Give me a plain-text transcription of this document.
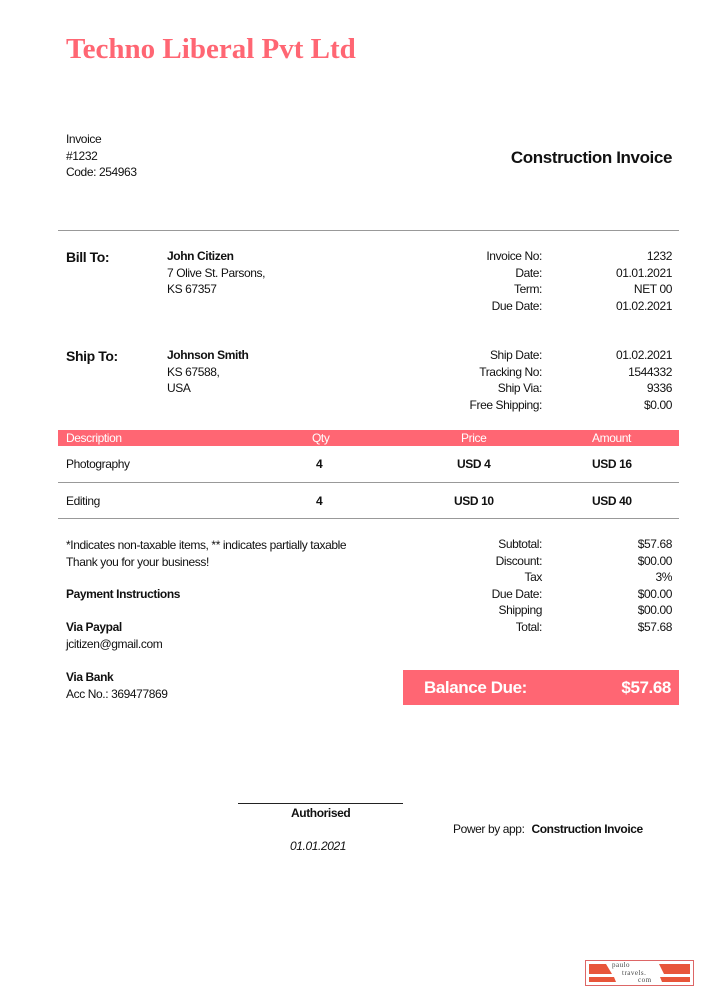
Techno Liberal Pvt Ltd
Invoice
#1232
Code: 254963
Construction Invoice
Bill To:	John Citizen
7 Olive St. Parsons,
KS 67357
Invoice No:	1232
Date:	01.01.2021
Term:	NET 00
Due Date:	01.02.2021
Ship To:	Johnson Smith
KS 67588,
USA
Ship Date:	01.02.2021
Tracking No:	1544332
Ship Via:	9336
Free Shipping:	$0.00
Description	Qty	Price	Amount
Photography	4	USD 4	USD 16
Editing	4	USD 10	USD 40
*Indicates non-taxable items, ** indicates partially taxable
Thank you for your business!
Payment Instructions
Via Paypal
jcitizen@gmail.com
Via Bank
Acc No.: 369477869
Subtotal:	$57.68
Discount:	$00.00
Tax	3%
Due Date:	$00.00
Shipping	$00.00
Total:	$57.68
Balance Due:	$57.68
Authorised
01.01.2021
Power by app: Construction Invoice
paulo
travels.
com
